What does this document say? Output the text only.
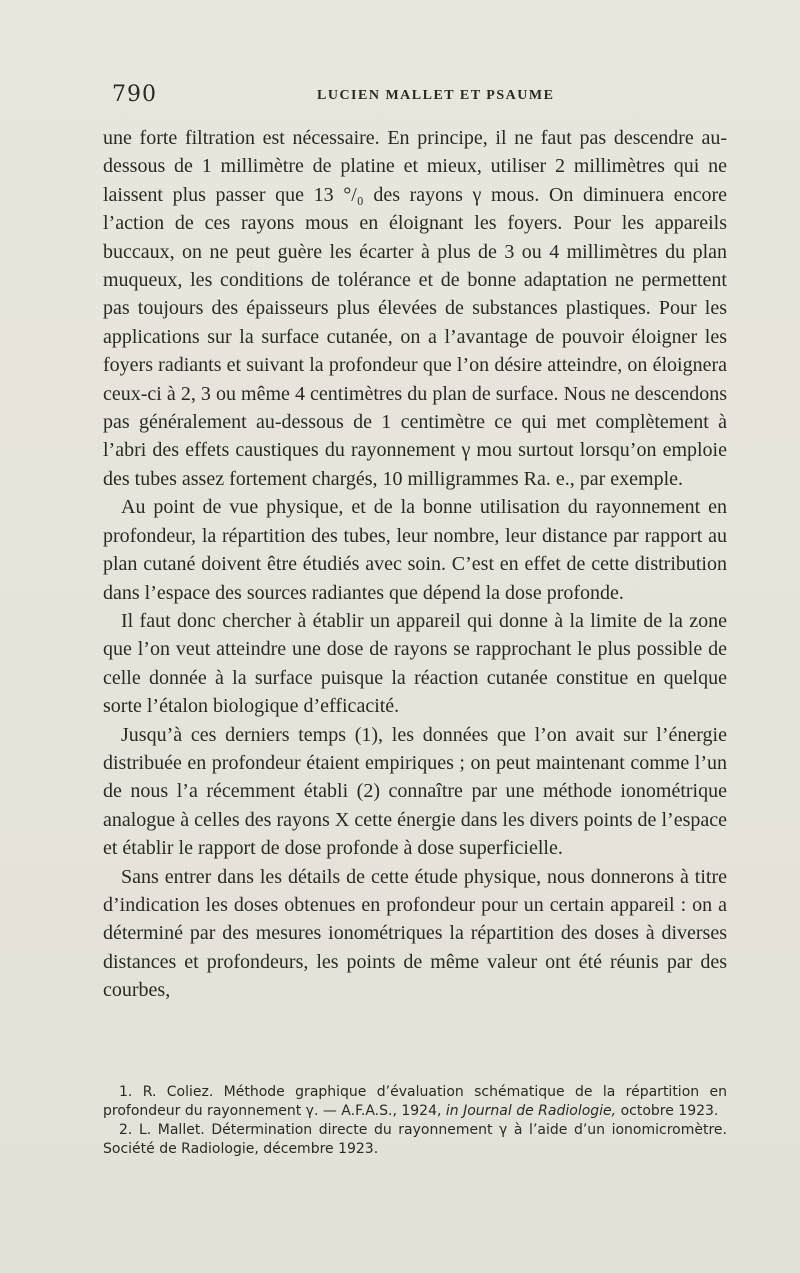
790	LUCIEN MALLET ET PSAUME

une forte filtration est nécessaire. En principe, il ne faut pas descendre au-dessous de 1 millimètre de platine et mieux, utiliser 2 millimètres qui ne laissent plus passer que 13 °/₀ des rayons γ mous. On diminuera encore l’action de ces rayons mous en éloignant les foyers. Pour les appareils buccaux, on ne peut guère les écarter à plus de 3 ou 4 millimètres du plan muqueux, les conditions de tolérance et de bonne adaptation ne permettent pas toujours des épaisseurs plus élevées de substances plastiques. Pour les applications sur la surface cutanée, on a l’avantage de pouvoir éloigner les foyers radiants et suivant la profondeur que l’on désire atteindre, on éloignera ceux-ci à 2, 3 ou même 4 centimètres du plan de surface. Nous ne descendons pas généralement au-dessous de 1 centimètre ce qui met complètement à l’abri des effets caustiques du rayonnement γ mou surtout lorsqu’on emploie des tubes assez fortement chargés, 10 milligrammes Ra. e., par exemple.

Au point de vue physique, et de la bonne utilisation du rayonnement en profondeur, la répartition des tubes, leur nombre, leur distance par rapport au plan cutané doivent être étudiés avec soin. C’est en effet de cette distribution dans l’espace des sources radiantes que dépend la dose profonde.

Il faut donc chercher à établir un appareil qui donne à la limite de la zone que l’on veut atteindre une dose de rayons se rapprochant le plus possible de celle donnée à la surface puisque la réaction cutanée constitue en quelque sorte l’étalon biologique d’efficacité.

Jusqu’à ces derniers temps (1), les données que l’on avait sur l’énergie distribuée en profondeur étaient empiriques ; on peut maintenant comme l’un de nous l’a récemment établi (2) connaître par une méthode ionométrique analogue à celles des rayons X cette énergie dans les divers points de l’espace et établir le rapport de dose profonde à dose superficielle.

Sans entrer dans les détails de cette étude physique, nous donnerons à titre d’indication les doses obtenues en profondeur pour un certain appareil : on a déterminé par des mesures ionométriques la répartition des doses à diverses distances et profondeurs, les points de même valeur ont été réunis par des courbes,

1. R. Coliez. Méthode graphique d’évaluation schématique de la répartition en profondeur du rayonnement γ. — A.F.A.S., 1924, in Journal de Radiologie, octobre 1923.

2. L. Mallet. Détermination directe du rayonnement γ à l’aide d’un ionomicromètre. Société de Radiologie, décembre 1923.
